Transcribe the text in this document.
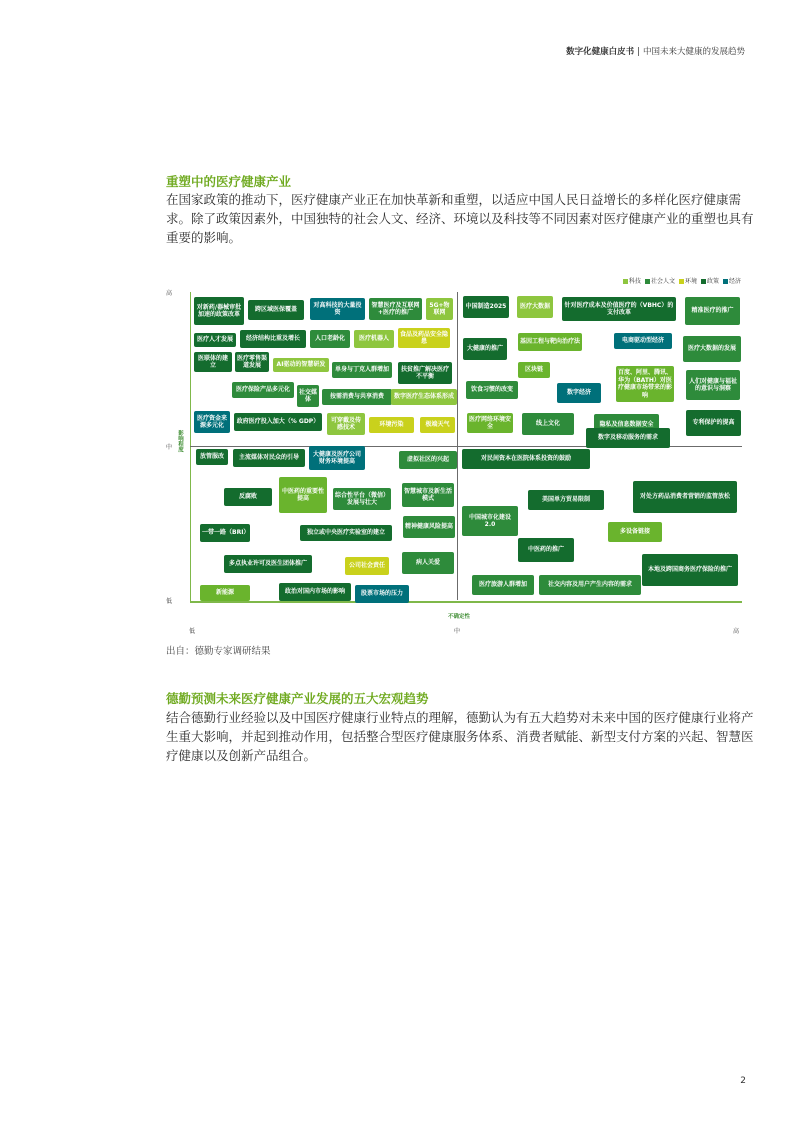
数字化健康白皮书 | 中国未来大健康的发展趋势
重塑中的医疗健康产业
在国家政策的推动下，医疗健康产业正在加快革新和重塑，以适应中国人民日益增长的多样化医疗健康需求。除了政策因素外，中国独特的社会人文、经济、环境以及科技等不同因素对医疗健康产业的重塑也具有重要的影响。
科技	社会人文	环境	政策	经济
高
中
低
影响程度
低	中	高
不确定性
对新药/器械审批加速的政策改革
跨区域医保覆盖
对高科技的大量投资
智慧医疗及互联网+医疗的推广
5G+物联网
医疗人才发展	经济结构比重及增长	人口老龄化	医疗机器人
食品及药品安全隐患
医联体的建立
医疗零售渠道发展	AI驱动的智慧研发
单身与丁克人群增加	扶贫推广解决医疗不平衡
医疗保险产品多元化	社交媒体	按需消费与共享消费	数字医疗生态体系形成
医疗资金来源多元化
政府医疗投入加大（% GDP）	可穿戴及传感技术	环境污染	极端天气
中国制造2025	医疗大数据	针对医疗成本及价值医疗的（VBHC）的支付改革	精准医疗的推广
大健康的推广
基因工程与靶向治疗法	电商驱动型经济
医疗大数据的发展
区块链
饮食习惯的改变	数字经济
百度、阿里、腾讯、华为（BATH）对医疗健康市场带来的影响
人们对健康与福祉的意识与洞察
医疗网络环境安全	线上文化	隐私及信息数据安全	专利保护的提高
放管服改	主流媒体对民众的引导
大健康及医疗公司财务环境提高	虚拟社区的兴起
中医药的重要性提高
反腐败	综合性平台（微信）发展与壮大
智慧城市及新生活模式
一带一路（BRI）	独立或中央医疗实验室的建立
精神健康风险提高
多点执业许可及医生团体推广	公司社会责任	病人关爱
新能源	政治对国内市场的影响	股票市场的压力
对民间资本在医院体系投资的鼓励
数字及移动服务的需求
对处方药品消费者营销的监管放松
美国单方贸易限制
中国城市化建设2.0
多设备链接
中医药的推广
本地及跨国商务医疗保险的推广
医疗旅游人群增加	社交内容及用户产生内容的需求
出自：德勤专家调研结果
德勤预测未来医疗健康产业发展的五大宏观趋势
结合德勤行业经验以及中国医疗健康行业特点的理解，德勤认为有五大趋势对未来中国的医疗健康行业将产生重大影响，并起到推动作用，包括整合型医疗健康服务体系、消费者赋能、新型支付方案的兴起、智慧医疗健康以及创新产品组合。
2
